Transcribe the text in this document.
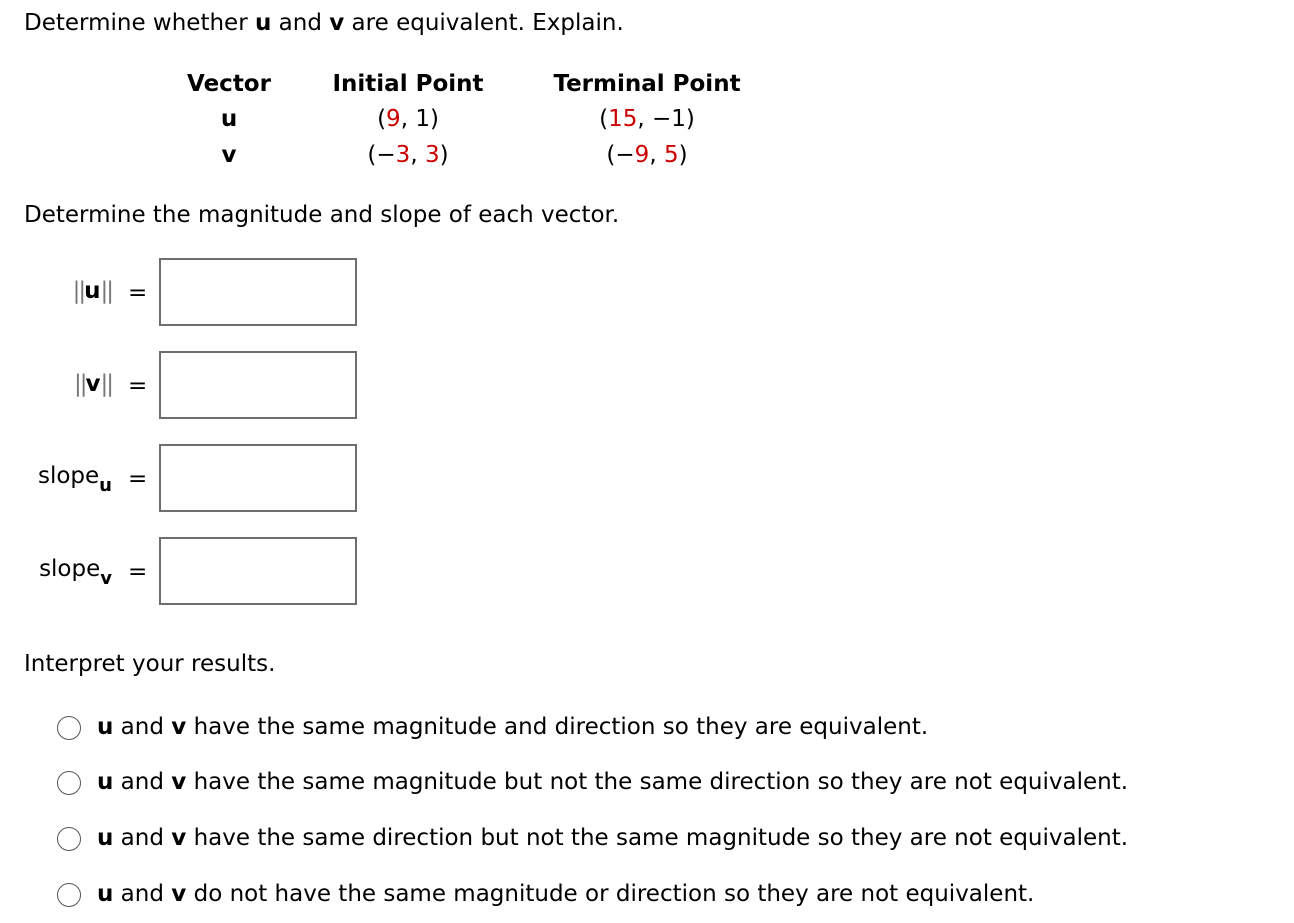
Determine whether u and v are equivalent. Explain.
Vector	Initial Point	Terminal Point
u	(9, 1)	(15, −1)
v	(−3, 3)	(−9, 5)
Determine the magnitude and slope of each vector.
||u|| =
||v|| =
slope$_u$ =
slope$_v$ =
Interpret your results.
u and v have the same magnitude and direction so they are equivalent.
u and v have the same magnitude but not the same direction so they are not equivalent.
u and v have the same direction but not the same magnitude so they are not equivalent.
u and v do not have the same magnitude or direction so they are not equivalent.
